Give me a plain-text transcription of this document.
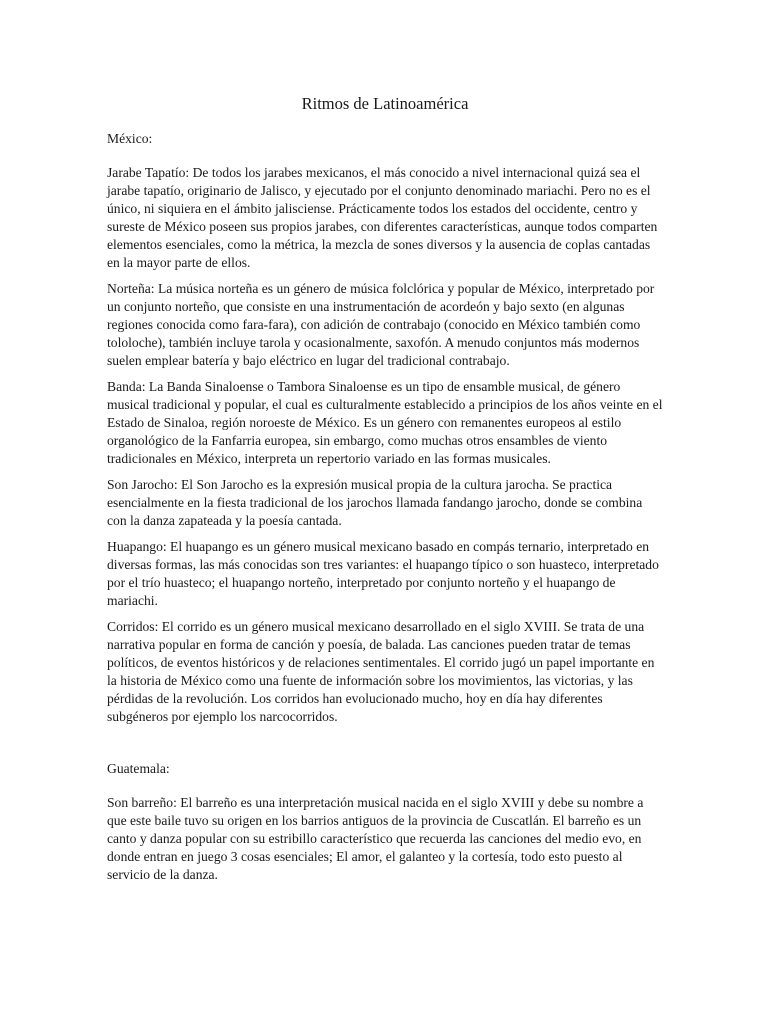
Ritmos de Latinoamérica
México:

Jarabe Tapatío: De todos los jarabes mexicanos, el más conocido a nivel internacional quizá sea el jarabe tapatío, originario de Jalisco, y ejecutado por el conjunto denominado mariachi. Pero no es el único, ni siquiera en el ámbito jalisciense. Prácticamente todos los estados del occidente, centro y sureste de México poseen sus propios jarabes, con diferentes características, aunque todos comparten elementos esenciales, como la métrica, la mezcla de sones diversos y la ausencia de coplas cantadas en la mayor parte de ellos.

Norteña: La música norteña es un género de música folclórica y popular de México, interpretado por un conjunto norteño, que consiste en una instrumentación de acordeón y bajo sexto (en algunas regiones conocida como fara-fara), con adición de contrabajo (conocido en México también como tololoche), también incluye tarola y ocasionalmente, saxofón. A menudo conjuntos más modernos suelen emplear batería y bajo eléctrico en lugar del tradicional contrabajo.

Banda: La Banda Sinaloense o Tambora Sinaloense es un tipo de ensamble musical, de género musical tradicional y popular, el cual es culturalmente establecido a principios de los años veinte en el Estado de Sinaloa, región noroeste de México. Es un género con remanentes europeos al estilo organológico de la Fanfarria europea, sin embargo, como muchas otros ensambles de viento tradicionales en México, interpreta un repertorio variado en las formas musicales.

Son Jarocho: El Son Jarocho es la expresión musical propia de la cultura jarocha. Se practica esencialmente en la fiesta tradicional de los jarochos llamada fandango jarocho, donde se combina con la danza zapateada y la poesía cantada.

Huapango: El huapango es un género musical mexicano basado en compás ternario, interpretado en diversas formas, las más conocidas son tres variantes: el huapango típico o son huasteco, interpretado por el trío huasteco; el huapango norteño, interpretado por conjunto norteño y el huapango de mariachi.

Corridos: El corrido es un género musical mexicano desarrollado en el siglo XVIII. Se trata de una narrativa popular en forma de canción y poesía, de balada. Las canciones pueden tratar de temas políticos, de eventos históricos y de relaciones sentimentales. El corrido jugó un papel importante en la historia de México como una fuente de información sobre los movimientos, las victorias, y las pérdidas de la revolución. Los corridos han evolucionado mucho, hoy en día hay diferentes subgéneros por ejemplo los narcocorridos.

Guatemala:

Son barreño: El barreño es una interpretación musical nacida en el siglo XVIII y debe su nombre a que este baile tuvo su origen en los barrios antiguos de la provincia de Cuscatlán. El barreño es un canto y danza popular con su estribillo característico que recuerda las canciones del medio evo, en donde entran en juego 3 cosas esenciales; El amor, el galanteo y la cortesía, todo esto puesto al servicio de la danza.
